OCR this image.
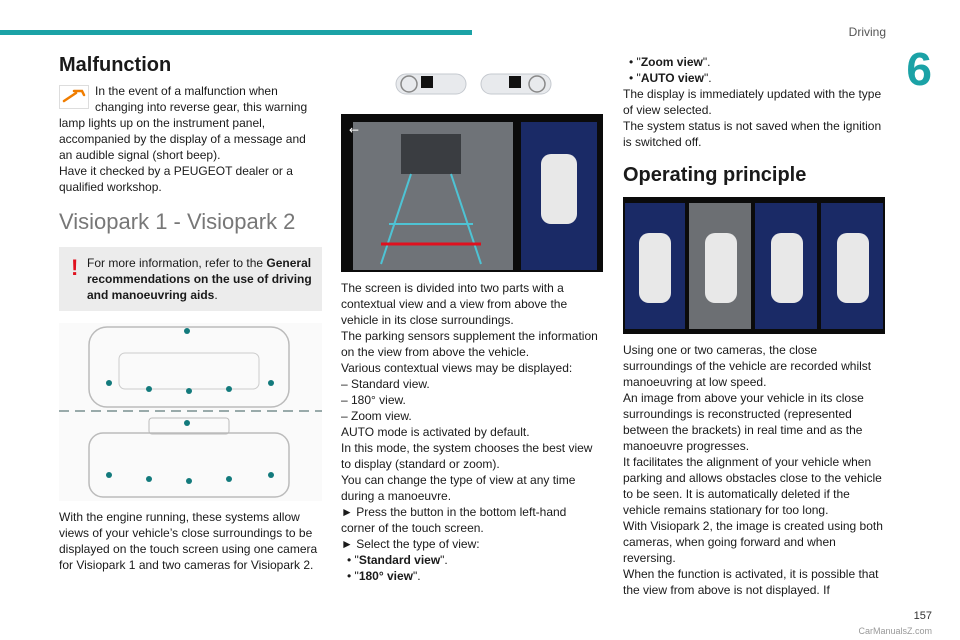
Driving
6
Malfunction

In the event of a malfunction when changing into reverse gear, this warning lamp lights up on the instrument panel, accompanied by the display of a message and an audible signal (short beep).

Have it checked by a PEUGEOT dealer or a qualified workshop.

Visiopark 1 - Visiopark 2
! For more information, refer to the General recommendations on the use of driving and manoeuvring aids.

With the engine running, these systems allow views of your vehicle’s close surroundings to be displayed on the touch screen using one camera for Visiopark 1 and two cameras for Visiopark 2.

←

The screen is divided into two parts with a contextual view and a view from above the vehicle in its close surroundings.

The parking sensors supplement the information on the view from above the vehicle.

Various contextual views may be displayed:

– Standard view.
– 180° view.
– Zoom view.

AUTO mode is activated by default.

In this mode, the system chooses the best view to display (standard or zoom).

You can change the type of view at any time during a manoeuvre.

► Press the button in the bottom left-hand corner of the touch screen.

► Select the type of view:

• "Standard view".
• "180° view".
• "Zoom view".
• "AUTO view".

The display is immediately updated with the type of view selected.

The system status is not saved when the ignition is switched off.

Operating principle

Using one or two cameras, the close surroundings of the vehicle are recorded whilst manoeuvring at low speed.

An image from above your vehicle in its close surroundings is reconstructed (represented between the brackets) in real time and as the manoeuvre progresses.

It facilitates the alignment of your vehicle when parking and allows obstacles close to the vehicle to be seen. It is automatically deleted if the vehicle remains stationary for too long.

With Visiopark 2, the image is created using both cameras, when going forward and when reversing.

When the function is activated, it is possible that the view from above is not displayed. If

157
CarManualsZ.com
